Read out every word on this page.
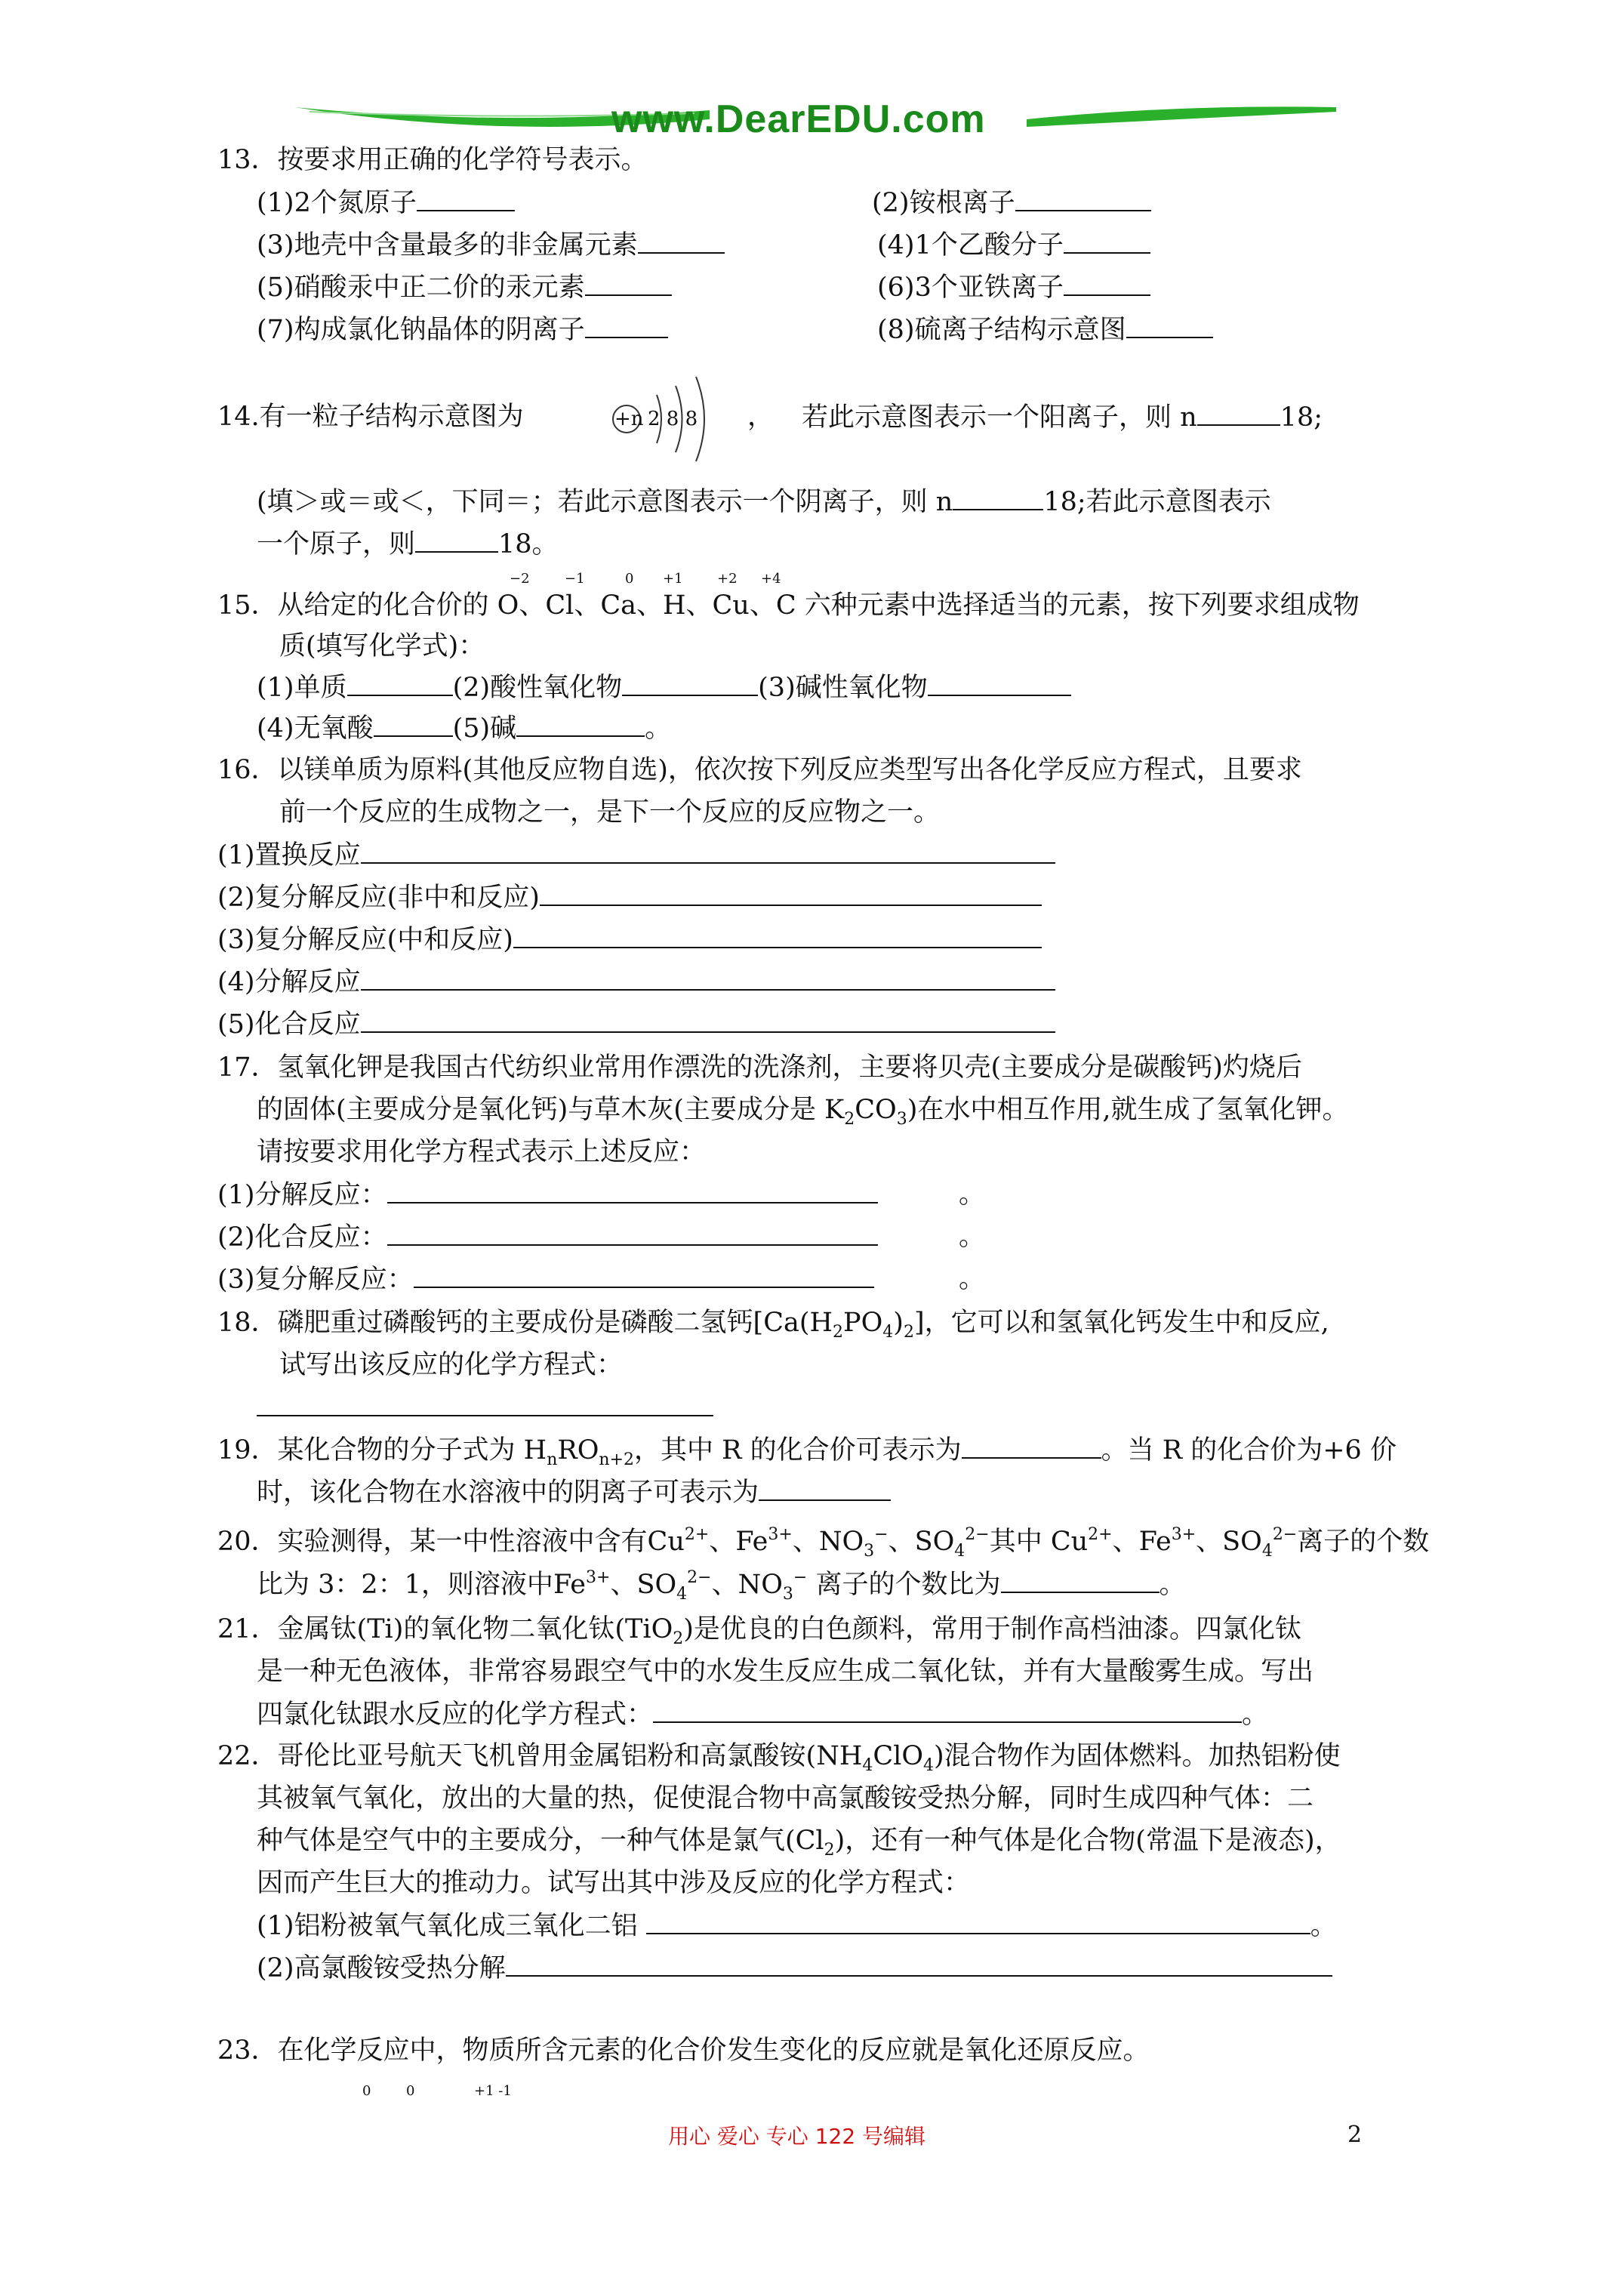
www.DearEDU.com
13．按要求用正确的化学符号表示。
(1)2个氮原子	(2)铵根离子
(3)地壳中含量最多的非金属元素	(4)1个乙酸分子
(5)硝酸汞中正二价的汞元素	(6)3个亚铁离子
(7)构成氯化钠晶体的阴离子	(8)硫离子结构示意图
14.有一粒子结构示意图为	+n 2 8 8 ， 若此示意图表示一个阳离子，则 n	18;
(填＞或＝或＜，下同＝；若此示意图表示一个阴离子，则 n	18;若此示意图表示
一个原子，则	18。
−2	−1	0 +1	+2 +4
15．从给定的化合价的 O、Cl、Ca、H、Cu、C 六种元素中选择适当的元素，按下列要求组成物
质(填写化学式)：
(1)单质	(2)酸性氧化物	(3)碱性氧化物
(4)无氧酸	(5)碱	。
16．以镁单质为原料(其他反应物自选)，依次按下列反应类型写出各化学反应方程式，且要求
前一个反应的生成物之一，是下一个反应的反应物之一。
(1)置换反应
(2)复分解反应(非中和反应)
(3)复分解反应(中和反应)
(4)分解反应
(5)化合反应
17．氢氧化钾是我国古代纺织业常用作漂洗的洗涤剂，主要将贝壳(主要成分是碳酸钙)灼烧后
的固体(主要成分是氧化钙)与草木灰(主要成分是 $K_2CO_3$)在水中相互作用,就生成了氢氧化钾。
请按要求用化学方程式表示上述反应：
(1)分解反应：	。
(2)化合反应：	。
(3)复分解反应：	。
18．磷肥重过磷酸钙的主要成份是磷酸二氢钙$[Ca(H_2PO_4)_2]$，它可以和氢氧化钙发生中和反应,
试写出该反应的化学方程式：
19．某化合物的分子式为 $H_nRO_{n+2}$，其中 R 的化合价可表示为	。当 R 的化合价为+6 价
时，该化合物在水溶液中的阴离子可表示为
20．实验测得，某一中性溶液中含有$Cu^{2+}$、$Fe^{3+}$、$NO_3^-$、$SO_4^{2-}$其中 $Cu^{2+}$、$Fe^{3+}$、$SO_4^{2-}$离子的个数
比为 3：2：1，则溶液中$Fe^{3+}$、$SO_4^{2-}$、$NO_3^-$ 离子的个数比为	。
21．金属钛(Ti)的氧化物二氧化钛(TiO$_2$)是优良的白色颜料，常用于制作高档油漆。四氯化钛
是一种无色液体，非常容易跟空气中的水发生反应生成二氧化钛，并有大量酸雾生成。写出
四氯化钛跟水反应的化学方程式：	。
22．哥伦比亚号航天飞机曾用金属铝粉和高氯酸铵$(NH_4ClO_4)$混合物作为固体燃料。加热铝粉使
其被氧气氧化，放出的大量的热，促使混合物中高氯酸铵受热分解，同时生成四种气体：二
种气体是空气中的主要成分，一种气体是氯气$(Cl_2)$，还有一种气体是化合物(常温下是液态)，
因而产生巨大的推动力。试写出其中涉及反应的化学方程式：
(1)铝粉被氧气氧化成三氧化二铝	。
(2)高氯酸铵受热分解
23．在化学反应中，物质所含元素的化合价发生变化的反应就是氧化还原反应。
0	0	+1 -1
用心 爱心 专心 122 号编辑	2
